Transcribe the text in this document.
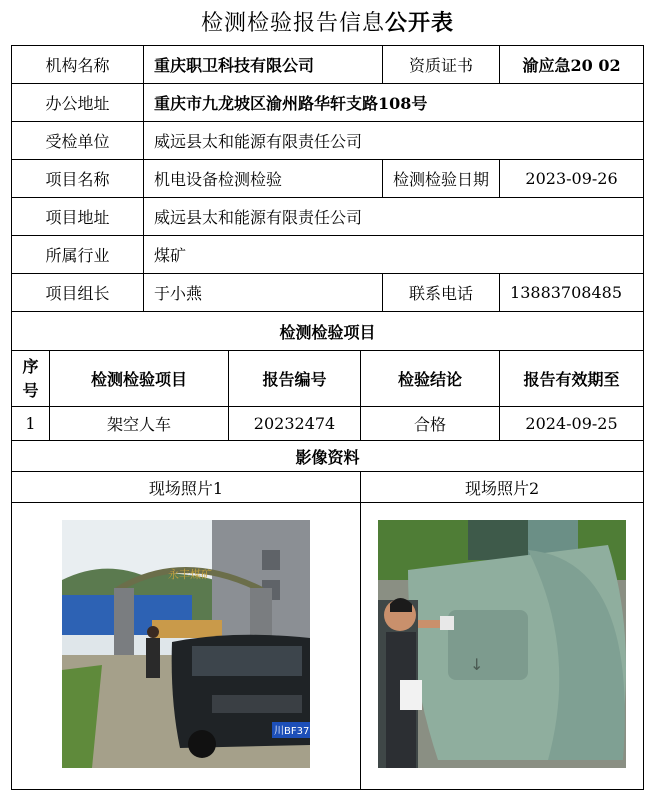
检测检验报告信息公开表
机构名称		重庆职卫科技有限公司			资质证书	渝应急20 02
办公地址		重庆市九龙坡区渝州路华轩支路108号				
受检单位		威远县太和能源有限责任公司				
项目名称		机电设备检测检验			检测检验日期	2023-09-26
项目地址		威远县太和能源有限责任公司				
所属行业		煤矿				
项目组长		于小燕			联系电话	13883708485
检测检验项目						
序号	检测检验项目		报告编号	检验结论		报告有效期至
1	架空人车		20232474	合格		2024-09-25
影像资料						
现场照片1				现场照片2		

永丰煤矿
川BF37				↓		
